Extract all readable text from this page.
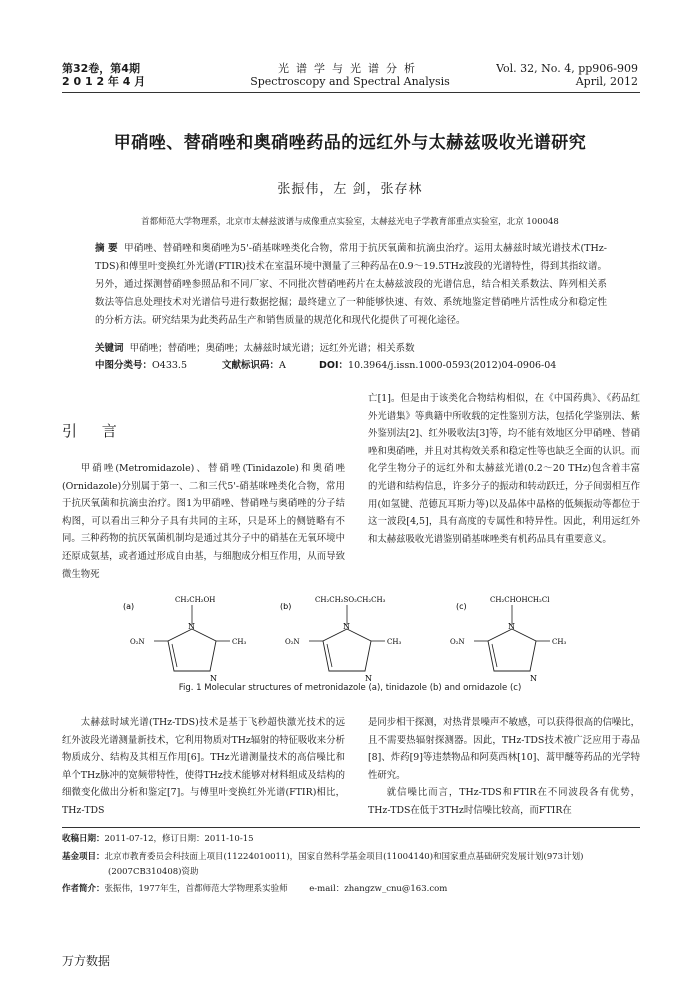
第32卷，第4期
2 0 1 2 年 4 月
光谱学与光谱分析
Spectroscopy and Spectral Analysis
Vol. 32, No. 4, pp906-909
April, 2012
甲硝唑、替硝唑和奥硝唑药品的远红外与太赫兹吸收光谱研究
张振伟，左 剑，张存林
首都师范大学物理系，北京市太赫兹波谱与成像重点实验室，太赫兹光电子学教育部重点实验室，北京 100048
摘 要 甲硝唑、替硝唑和奥硝唑为5'-硝基咪唑类化合物，常用于抗厌氧菌和抗滴虫治疗。运用太赫兹时域光谱技术(THz-TDS)和傅里叶变换红外光谱(FTIR)技术在室温环境中测量了三种药品在0.9～19.5THz波段的光谱特性，得到其指纹谱。另外，通过探测替硝唑参照品和不同厂家、不同批次替硝唑药片在太赫兹波段的光谱信息，结合相关系数法、阵列相关系数法等信息处理技术对光谱信号进行数据挖掘；最终建立了一种能够快速、有效、系统地鉴定替硝唑片活性成分和稳定性的分析方法。研究结果为此类药品生产和销售质量的规范化和现代化提供了可视化途径。
关键词 甲硝唑；替硝唑；奥硝唑；太赫兹时域光谱；远红外光谱；相关系数
中图分类号：O433.5	文献标识码：A	DOI：10.3964/j.issn.1000-0593(2012)04-0906-04
引 言

甲硝唑(Metromidazole)、替硝唑(Tinidazole)和奥硝唑(Ornidazole)分别属于第一、二和三代5'-硝基咪唑类化合物，常用于抗厌氧菌和抗滴虫治疗。图1为甲硝唑、替硝唑与奥硝唑的分子结构图，可以看出三种分子具有共同的主环，只是环上的侧链略有不同。三种药物的抗厌氧菌机制均是通过其分子中的硝基在无氧环境中还原成氨基，或者通过形成自由基，与细胞成分相互作用，从而导致微生物死

亡[1]。但是由于该类化合物结构相似，在《中国药典》、《药品红外光谱集》等典籍中所收载的定性鉴别方法，包括化学鉴别法、紫外鉴别法[2]、红外吸收法[3]等，均不能有效地区分甲硝唑、替硝唑和奥硝唑，并且对其构效关系和稳定性等也缺乏全面的认识。而化学生物分子的远红外和太赫兹光谱(0.2～20 THz)包含着丰富的光谱和结构信息，许多分子的振动和转动跃迁，分子间弱相互作用(如氢键、范德瓦耳斯力等)以及晶体中晶格的低频振动等都位于这一波段[4,5]，具有高度的专属性和特异性。因此，利用远红外和太赫兹吸收光谱鉴别硝基咪唑类有机药品具有重要意义。

(a)
CH₂CH₂OH
N
N
O₂N	CH₃
(b)
CH₂CH₂SO₂CH₂CH₃
N
N
O₂N	CH₃
(c)
CH₂CHOHCH₂Cl
N
N
O₂N	CH₃
Fig. 1 Molecular structures of metronidazole (a), tinidazole (b) and ornidazole (c)

太赫兹时域光谱(THz-TDS)技术是基于飞秒超快激光技术的远红外波段光谱测量新技术，它利用物质对THz辐射的特征吸收来分析物质成分、结构及其相互作用[6]。THz光谱测量技术的高信噪比和单个THz脉冲的宽频带特性，使得THz技术能够对材料组成及结构的细微变化做出分析和鉴定[7]。与傅里叶变换红外光谱(FTIR)相比，THz-TDS

是同步相干探测，对热背景噪声不敏感，可以获得很高的信噪比，且不需要热辐射探测器。因此，THz-TDS技术被广泛应用于毒品[8]、炸药[9]等违禁物品和阿莫西林[10]、蒿甲醚等药品的光学特性研究。

就信噪比而言，THz-TDS和FTIR在不同波段各有优势，THz-TDS在低于3THz时信噪比较高，而FTIR在

收稿日期：2011-07-12，修订日期：2011-10-15
基金项目：北京市教育委员会科技面上项目(11224010011)，国家自然科学基金项目(11004140)和国家重点基础研究发展计划(973计划)
(2007CB310408)资助
作者简介：张振伟，1977年生，首都师范大学物理系实验师	e-mail：zhangzw_cnu@163.com
万方数据
